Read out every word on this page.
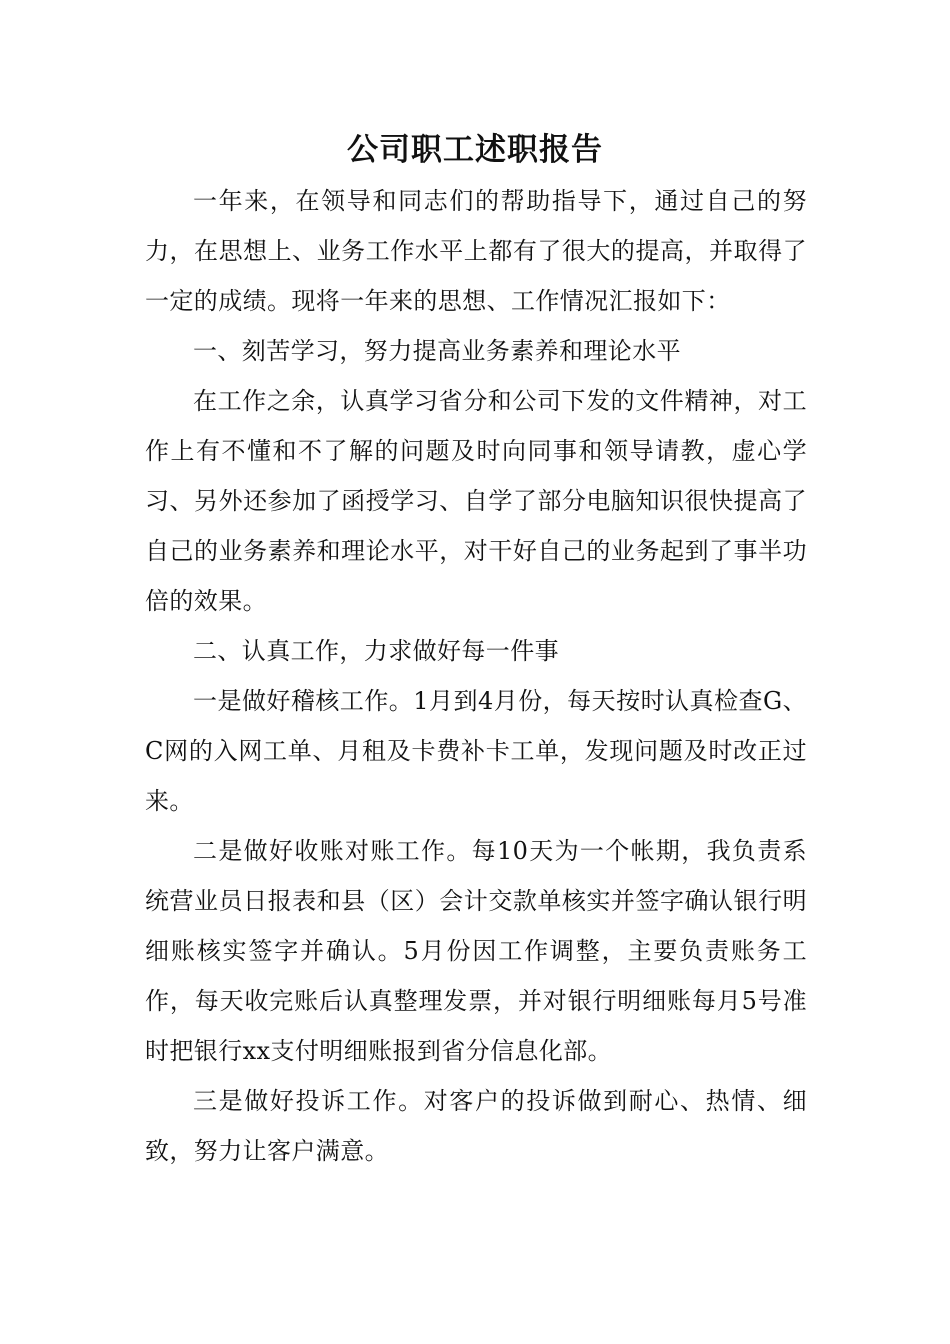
公司职工述职报告

一年来，在领导和同志们的帮助指导下，通过自己的努力，在思想上、业务工作水平上都有了很大的提高，并取得了一定的成绩。现将一年来的思想、工作情况汇报如下：

一、刻苦学习，努力提高业务素养和理论水平

在工作之余，认真学习省分和公司下发的文件精神，对工作上有不懂和不了解的问题及时向同事和领导请教，虚心学习、另外还参加了函授学习、自学了部分电脑知识很快提高了自己的业务素养和理论水平，对干好自己的业务起到了事半功倍的效果。

二、认真工作，力求做好每一件事

一是做好稽核工作。1月到4月份，每天按时认真检查G、C网的入网工单、月租及卡费补卡工单，发现问题及时改正过来。

二是做好收账对账工作。每10天为一个帐期，我负责系统营业员日报表和县（区）会计交款单核实并签字确认银行明细账核实签字并确认。5月份因工作调整，主要负责账务工作，每天收完账后认真整理发票，并对银行明细账每月5号准时把银行xx支付明细账报到省分信息化部。

三是做好投诉工作。对客户的投诉做到耐心、热情、细致，努力让客户满意。
